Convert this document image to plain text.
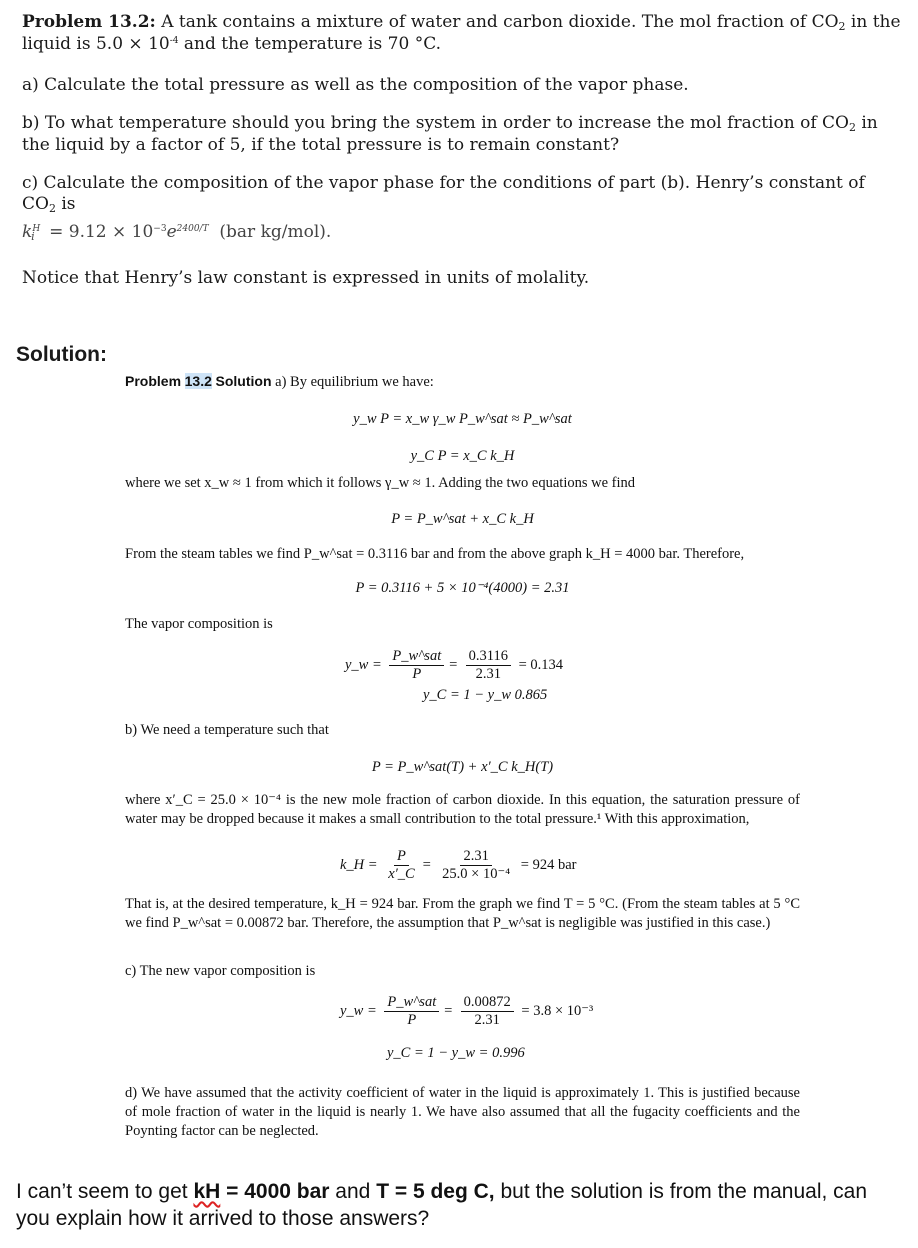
Problem 13.2: A tank contains a mixture of water and carbon dioxide. The mol fraction of CO2 in the liquid is $5.0 \times 10^{-4}$ and the temperature is 70 °C.

a) Calculate the total pressure as well as the composition of the vapor phase.

b) To what temperature should you bring the system in order to increase the mol fraction of CO2 in the liquid by a factor of 5, if the total pressure is to remain constant?

c) Calculate the composition of the vapor phase for the conditions of part (b). Henry’s constant of CO2 is

$k^Hi = 9.12 \times 10^{-3}e^{2400/T}$ (bar kg/mol).

Notice that Henry’s law constant is expressed in units of molality.

Solution:
Problem 13.2 Solution a) By equilibrium we have:
y_w P = x_w γ_w P_w^sat ≈ P_w^sat
y_C P = x_C k_H
where we set x_w ≈ 1 from which it follows γ_w ≈ 1. Adding the two equations we find
P = P_w^sat + x_C k_H
From the steam tables we find P_w^sat = 0.3116 bar and from the above graph k_H = 4000 bar. Therefore,
P = 0.3116 + 5 × 10⁻⁴(4000) = 2.31
The vapor composition is
y_w = $\frac{\text{P\_w\textasciicircum{}sat}}{P} = \frac{0.3116}{2.31} = 0.134$
y_C = 1 − y_w 0.865
b) We need a temperature such that
P = P_w^sat(T) + x′_C k_H(T)
where x′_C = 25.0 × 10⁻⁴ is the new mole fraction of carbon dioxide. In this equation, the saturation pressure of water may be dropped because it makes a small contribution to the total pressure.¹ With this approximation,
k_H = $\frac{P}{x'\_C} = \frac{2.31}{\text{25.0 × 10⁻⁴}} = 924$ bar
That is, at the desired temperature, k_H = 924 bar. From the graph we find T = 5 °C. (From the steam tables at 5 °C we find P_w^sat = 0.00872 bar. Therefore, the assumption that P_w^sat is negligible was justified in this case.)
c) The new vapor composition is
y_w = $\frac{\text{P\_w\textasciicircum{}sat}}{P} = \frac{0.00872}{2.31} = 3.8 \times 10^{-3}$
y_C = 1 − y_w = 0.996
d) We have assumed that the activity coefficient of water in the liquid is approximately 1. This is justified because of mole fraction of water in the liquid is nearly 1. We have also assumed that all the fugacity coefficients and the Poynting factor can be neglected.
I can’t seem to get kH = 4000 bar and T = 5 deg C, but the solution is from the manual, can you explain how it arrived to those answers?
